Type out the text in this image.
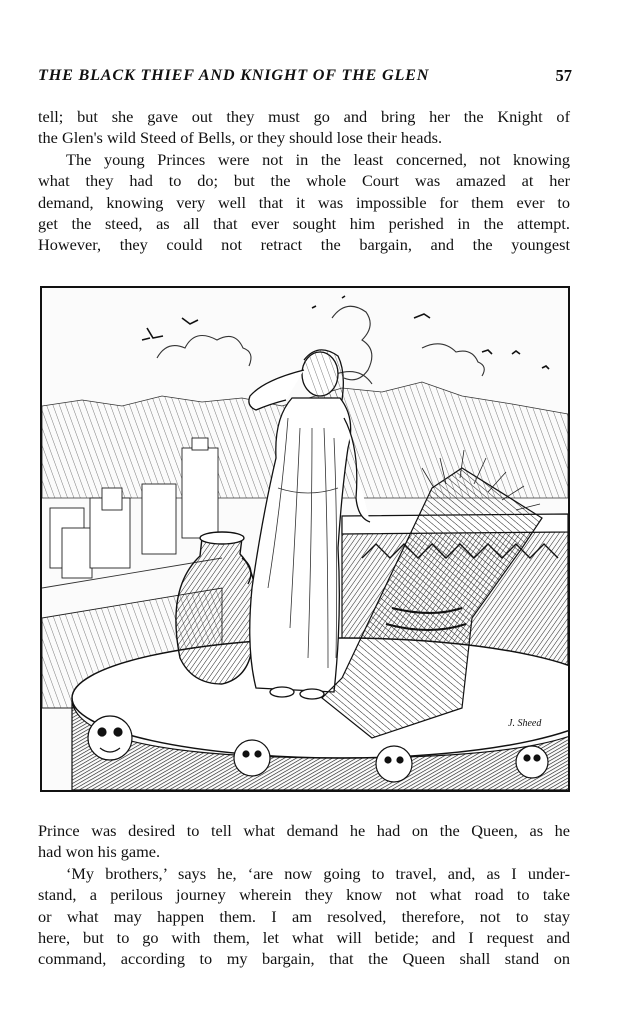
THE BLACK THIEF AND KNIGHT OF THE GLEN	57
tell; but she gave out they must go and bring her the Knight of
the Glen's wild Steed of Bells, or they should lose their heads.
The young Princes were not in the least concerned, not knowing
what they had to do; but the whole Court was amazed at her
demand, knowing very well that it was impossible for them ever to
get the steed, as all that ever sought him perished in the attempt.
However, they could not retract the bargain, and the youngest
J. Sheed
Prince was desired to tell what demand he had on the Queen, as he
had won his game.
‘My brothers,’ says he, ‘are now going to travel, and, as I under-
stand, a perilous journey wherein they know not what road to take
or what may happen them. I am resolved, therefore, not to stay
here, but to go with them, let what will betide; and I request and
command, according to my bargain, that the Queen shall stand on
